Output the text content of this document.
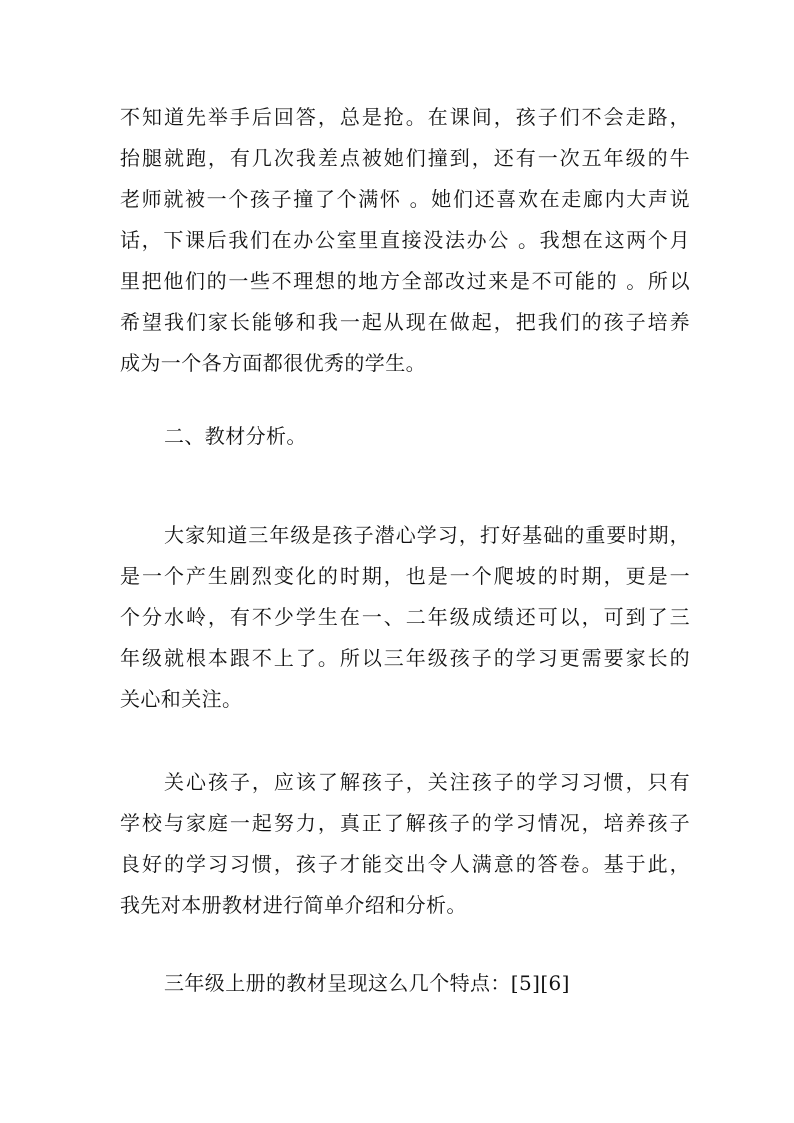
不知道先举手后回答，总是抢。在课间，孩子们不会走路，
抬腿就跑，有几次我差点被她们撞到，还有一次五年级的牛
老师就被一个孩子撞了个满怀 。她们还喜欢在走廊内大声说
话，下课后我们在办公室里直接没法办公 。我想在这两个月
里把他们的一些不理想的地方全部改过来是不可能的 。所以
希望我们家长能够和我一起从现在做起，把我们的孩子培养
成为一个各方面都很优秀的学生。
二、教材分析。
大家知道三年级是孩子潜心学习，打好基础的重要时期，
是一个产生剧烈变化的时期，也是一个爬坡的时期，更是一
个分水岭，有不少学生在一、二年级成绩还可以，可到了三
年级就根本跟不上了。所以三年级孩子的学习更需要家长的
关心和关注。
关心孩子，应该了解孩子，关注孩子的学习习惯，只有
学校与家庭一起努力，真正了解孩子的学习情况，培养孩子
良好的学习习惯，孩子才能交出令人满意的答卷。基于此，
我先对本册教材进行简单介绍和分析。
三年级上册的教材呈现这么几个特点：[5][6]
